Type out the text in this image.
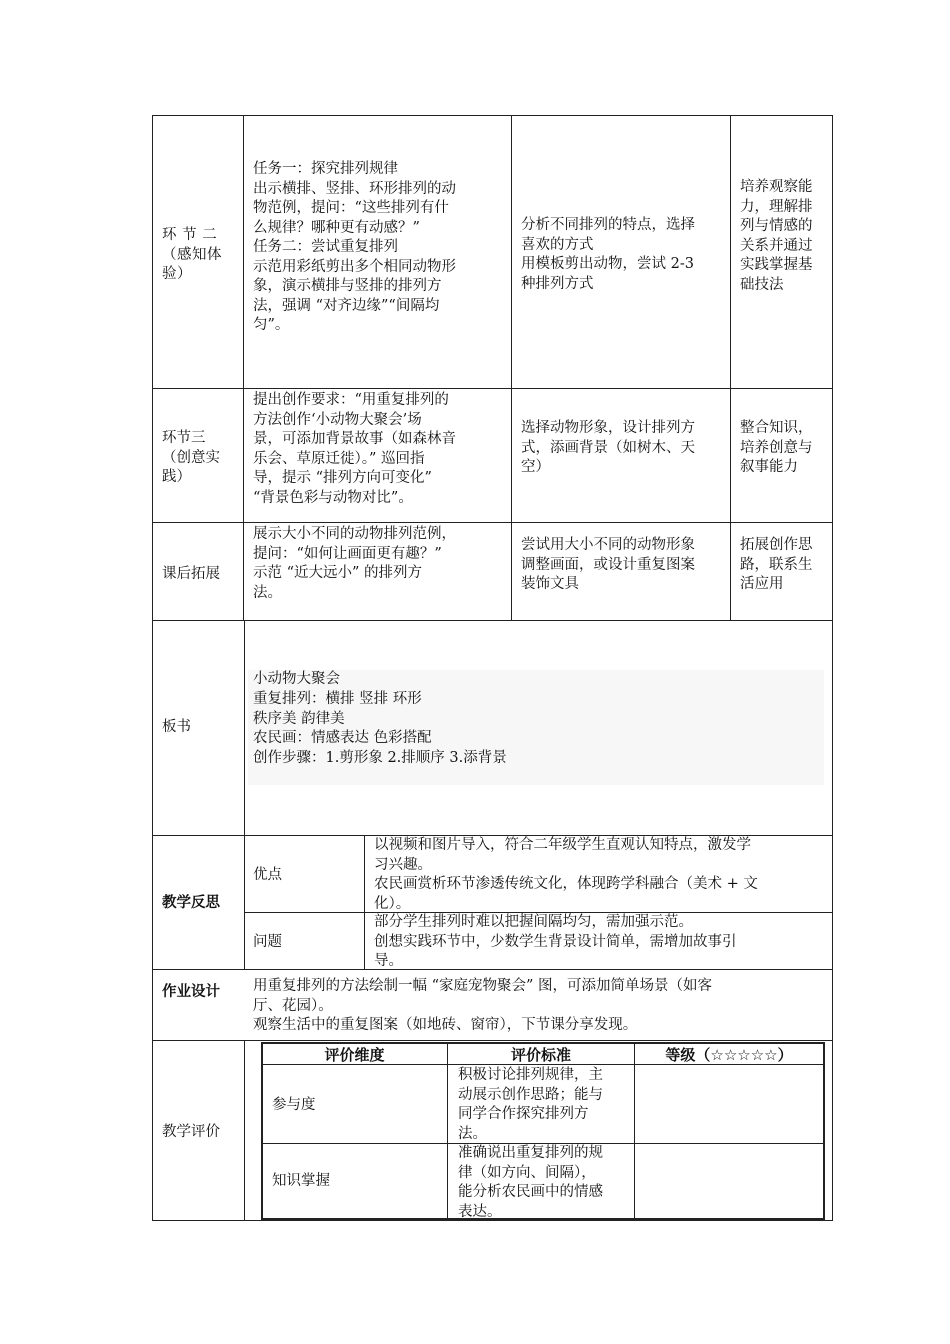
环 节 二
（感知体
验）
任务一：探究排列规律
出示横排、竖排、环形排列的动
物范例，提问：“这些排列有什
么规律？哪种更有动感？”
任务二：尝试重复排列
示范用彩纸剪出多个相同动物形
象，演示横排与竖排的排列方
法，强调 “对齐边缘”“间隔均
匀”。
分析不同排列的特点，选择
喜欢的方式
用模板剪出动物，尝试 2-3
种排列方式
培养观察能
力，理解排
列与情感的
关系并通过
实践掌握基
础技法
环节三
（创意实
践）
提出创作要求：“用重复排列的
方法创作‘小动物大聚会’场
景，可添加背景故事（如森林音
乐会、草原迁徙）。” 巡回指
导，提示 “排列方向可变化”
“背景色彩与动物对比”。
选择动物形象，设计排列方
式，添画背景（如树木、天
空）
整合知识，
培养创意与
叙事能力
课后拓展
展示大小不同的动物排列范例，
提问：“如何让画面更有趣？”
示范 “近大远小” 的排列方
法。
尝试用大小不同的动物形象
调整画面，或设计重复图案
装饰文具
拓展创作思
路，联系生
活应用
板书
小动物大聚会
重复排列：横排 竖排 环形
秩序美 韵律美
农民画：情感表达 色彩搭配
创作步骤：1.剪形象 2.排顺序 3.添背景
教学反思
优点
以视频和图片导入，符合二年级学生直观认知特点，激发学
习兴趣。
农民画赏析环节渗透传统文化，体现跨学科融合（美术 + 文
化）。
问题
部分学生排列时难以把握间隔均匀，需加强示范。
创想实践环节中，少数学生背景设计简单，需增加故事引
导。
作业设计 用重复排列的方法绘制一幅 “家庭宠物聚会” 图，可添加简单场景（如客
厅、花园）。
观察生活中的重复图案（如地砖、窗帘），下节课分享发现。
教学评价
评价维度	评价标准	等级（☆☆☆☆☆）
参与度
积极讨论排列规律，主
动展示创作思路；能与
同学合作探究排列方
法。
知识掌握
准确说出重复排列的规
律（如方向、间隔），
能分析农民画中的情感
表达。
